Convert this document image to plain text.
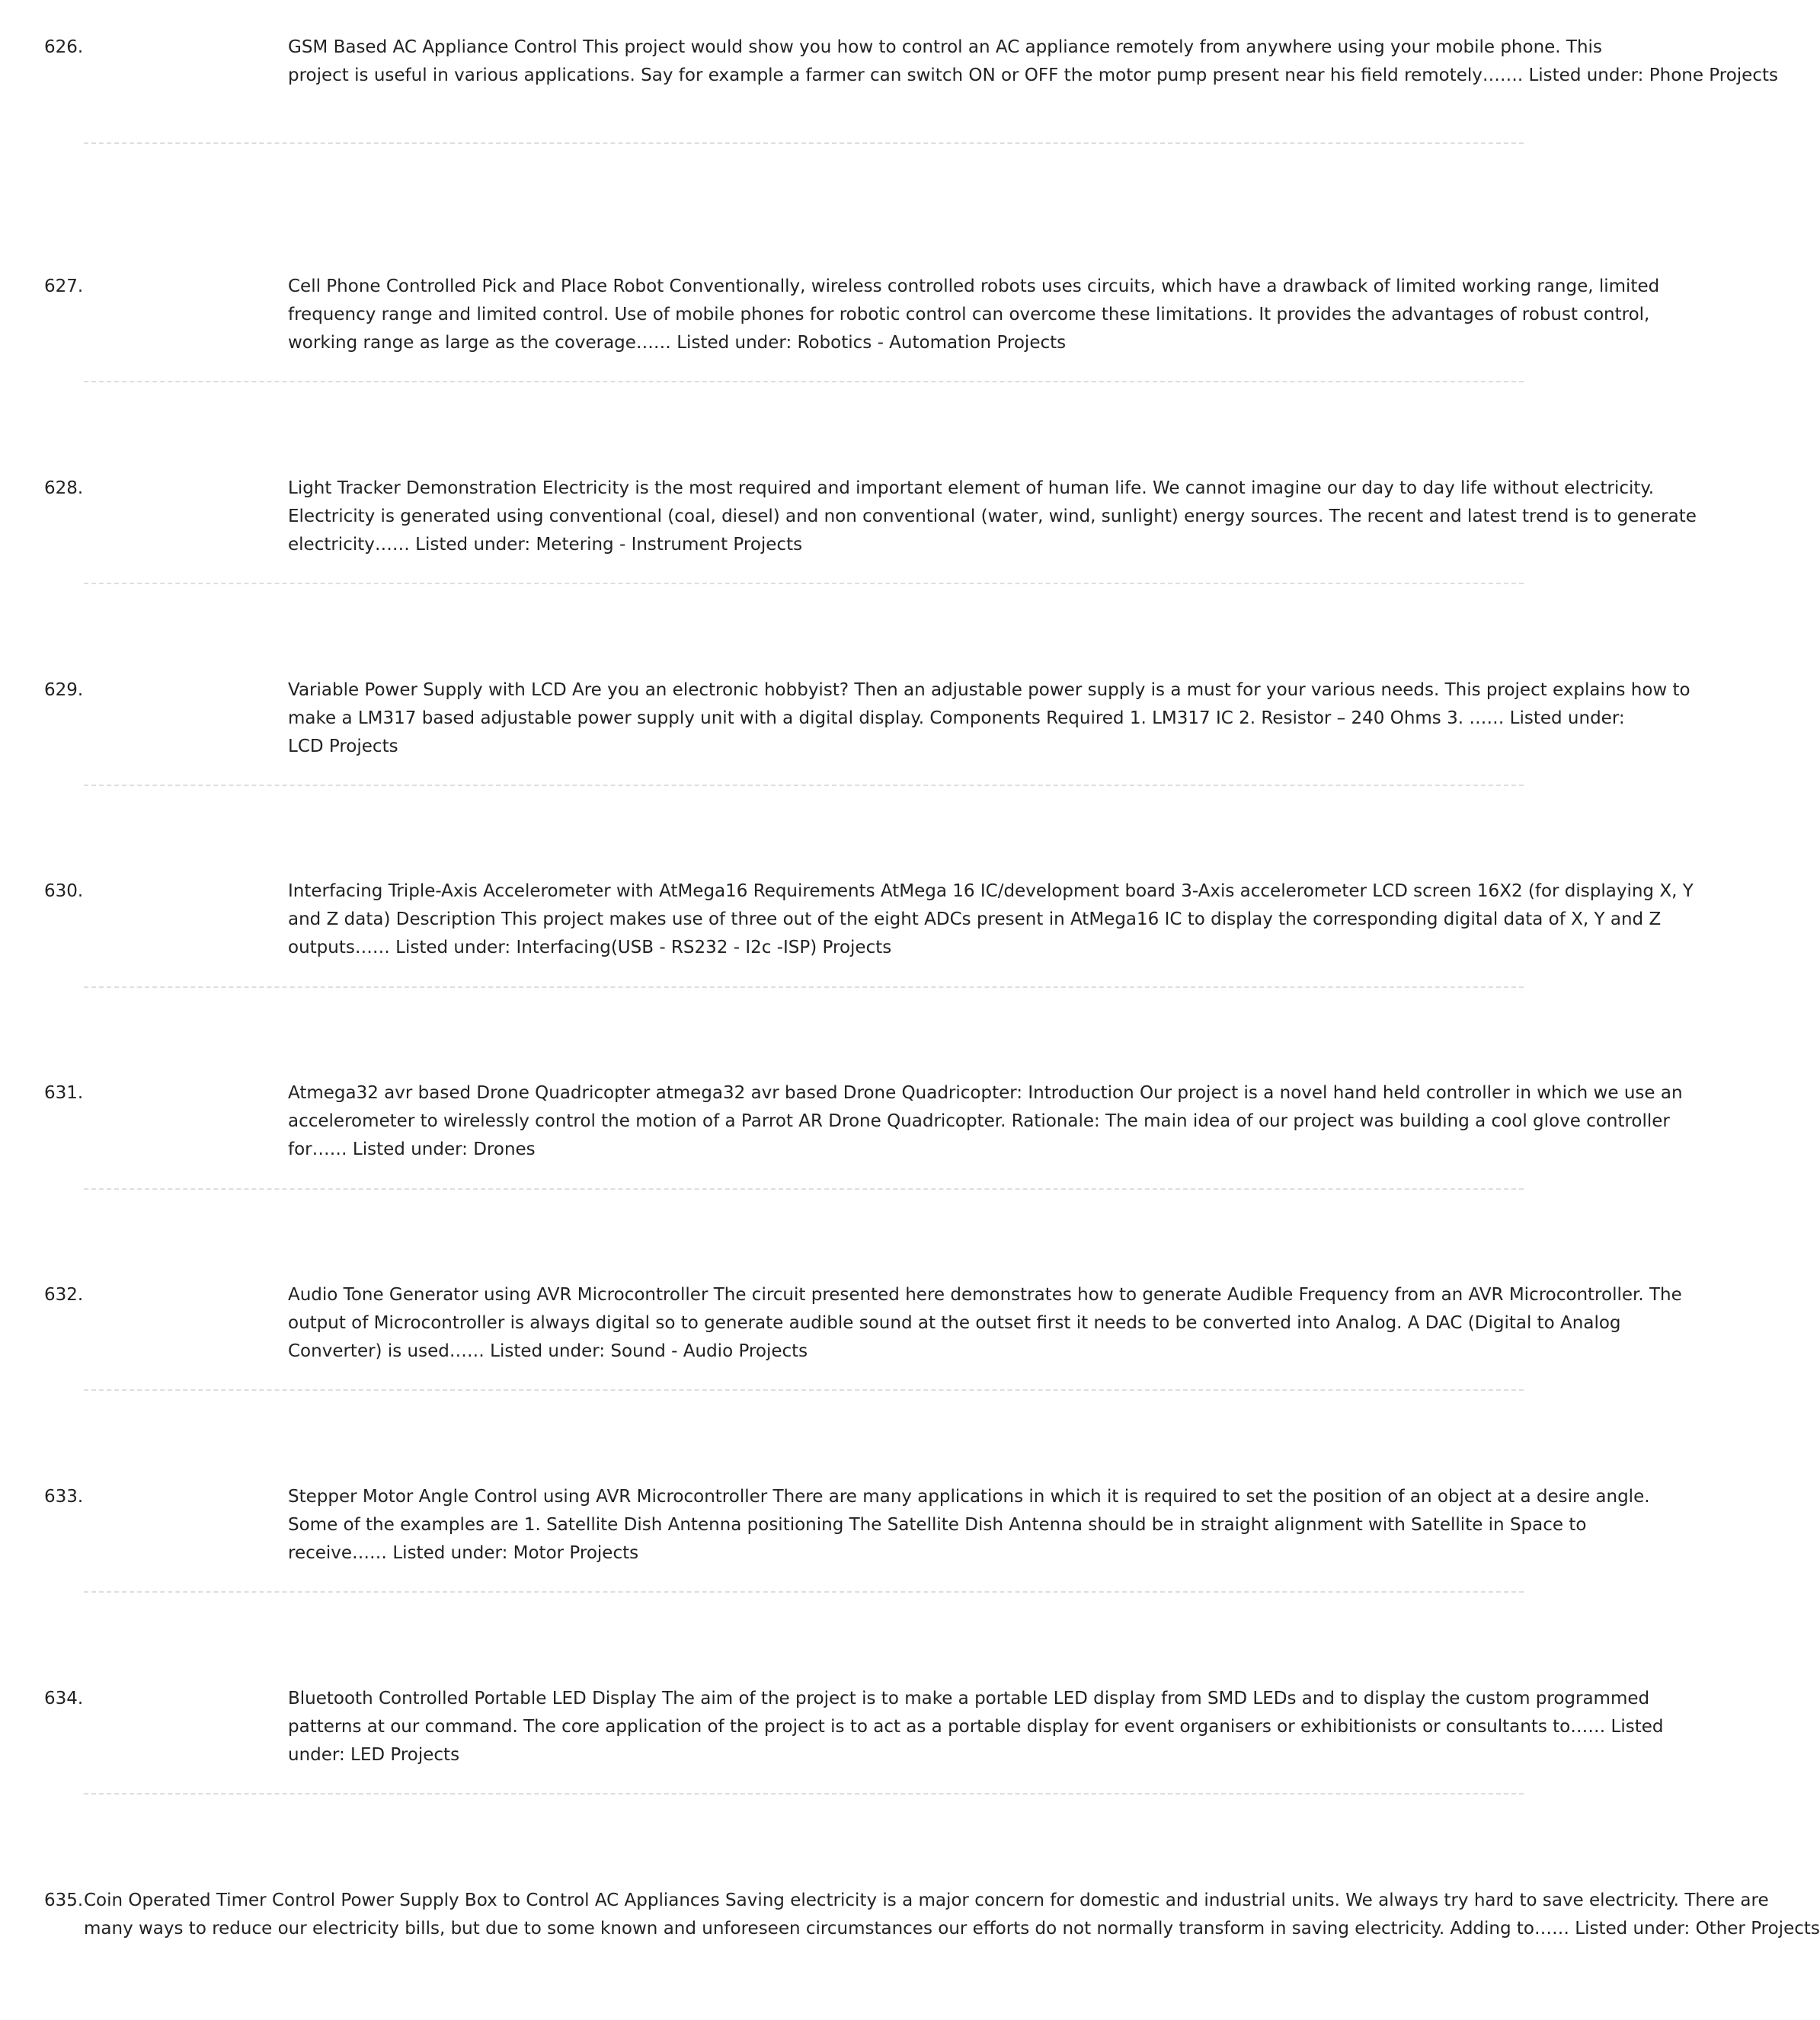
626.	GSM Based AC Appliance Control This project would show you how to control an AC appliance remotely from anywhere using your mobile phone. This
project is useful in various applications. Say for example a farmer can switch ON or OFF the motor pump present near his field remotely……. Listed under: Phone Projects
627.	Cell Phone Controlled Pick and Place Robot Conventionally, wireless controlled robots uses circuits, which have a drawback of limited working range, limited
frequency range and limited control. Use of mobile phones for robotic control can overcome these limitations. It provides the advantages of robust control,
working range as large as the coverage…… Listed under: Robotics - Automation Projects
628.	Light Tracker Demonstration Electricity is the most required and important element of human life. We cannot imagine our day to day life without electricity.
Electricity is generated using conventional (coal, diesel) and non conventional (water, wind, sunlight) energy sources. The recent and latest trend is to generate
electricity…… Listed under: Metering - Instrument Projects
629.	Variable Power Supply with LCD Are you an electronic hobbyist? Then an adjustable power supply is a must for your various needs. This project explains how to
make a LM317 based adjustable power supply unit with a digital display. Components Required 1. LM317 IC 2. Resistor – 240 Ohms 3. …… Listed under:
LCD Projects
630.	Interfacing Triple-Axis Accelerometer with AtMega16 Requirements AtMega 16 IC/development board 3-Axis accelerometer LCD screen 16X2 (for displaying X, Y
and Z data) Description This project makes use of three out of the eight ADCs present in AtMega16 IC to display the corresponding digital data of X, Y and Z
outputs…… Listed under: Interfacing(USB - RS232 - I2c -ISP) Projects
631.	Atmega32 avr based Drone Quadricopter atmega32 avr based Drone Quadricopter: Introduction Our project is a novel hand held controller in which we use an
accelerometer to wirelessly control the motion of a Parrot AR Drone Quadricopter. Rationale: The main idea of our project was building a cool glove controller
for…… Listed under: Drones
632.	Audio Tone Generator using AVR Microcontroller The circuit presented here demonstrates how to generate Audible Frequency from an AVR Microcontroller. The
output of Microcontroller is always digital so to generate audible sound at the outset first it needs to be converted into Analog. A DAC (Digital to Analog
Converter) is used…… Listed under: Sound - Audio Projects
633.	Stepper Motor Angle Control using AVR Microcontroller There are many applications in which it is required to set the position of an object at a desire angle.
Some of the examples are 1. Satellite Dish Antenna positioning The Satellite Dish Antenna should be in straight alignment with Satellite in Space to
receive…… Listed under: Motor Projects
634.	Bluetooth Controlled Portable LED Display The aim of the project is to make a portable LED display from SMD LEDs and to display the custom programmed
patterns at our command. The core application of the project is to act as a portable display for event organisers or exhibitionists or consultants to…… Listed
under: LED Projects
635. Coin Operated Timer Control Power Supply Box to Control AC Appliances Saving electricity is a major concern for domestic and industrial units. We always try hard to save electricity. There are
many ways to reduce our electricity bills, but due to some known and unforeseen circumstances our efforts do not normally transform in saving electricity. Adding to…… Listed under: Other Projects
